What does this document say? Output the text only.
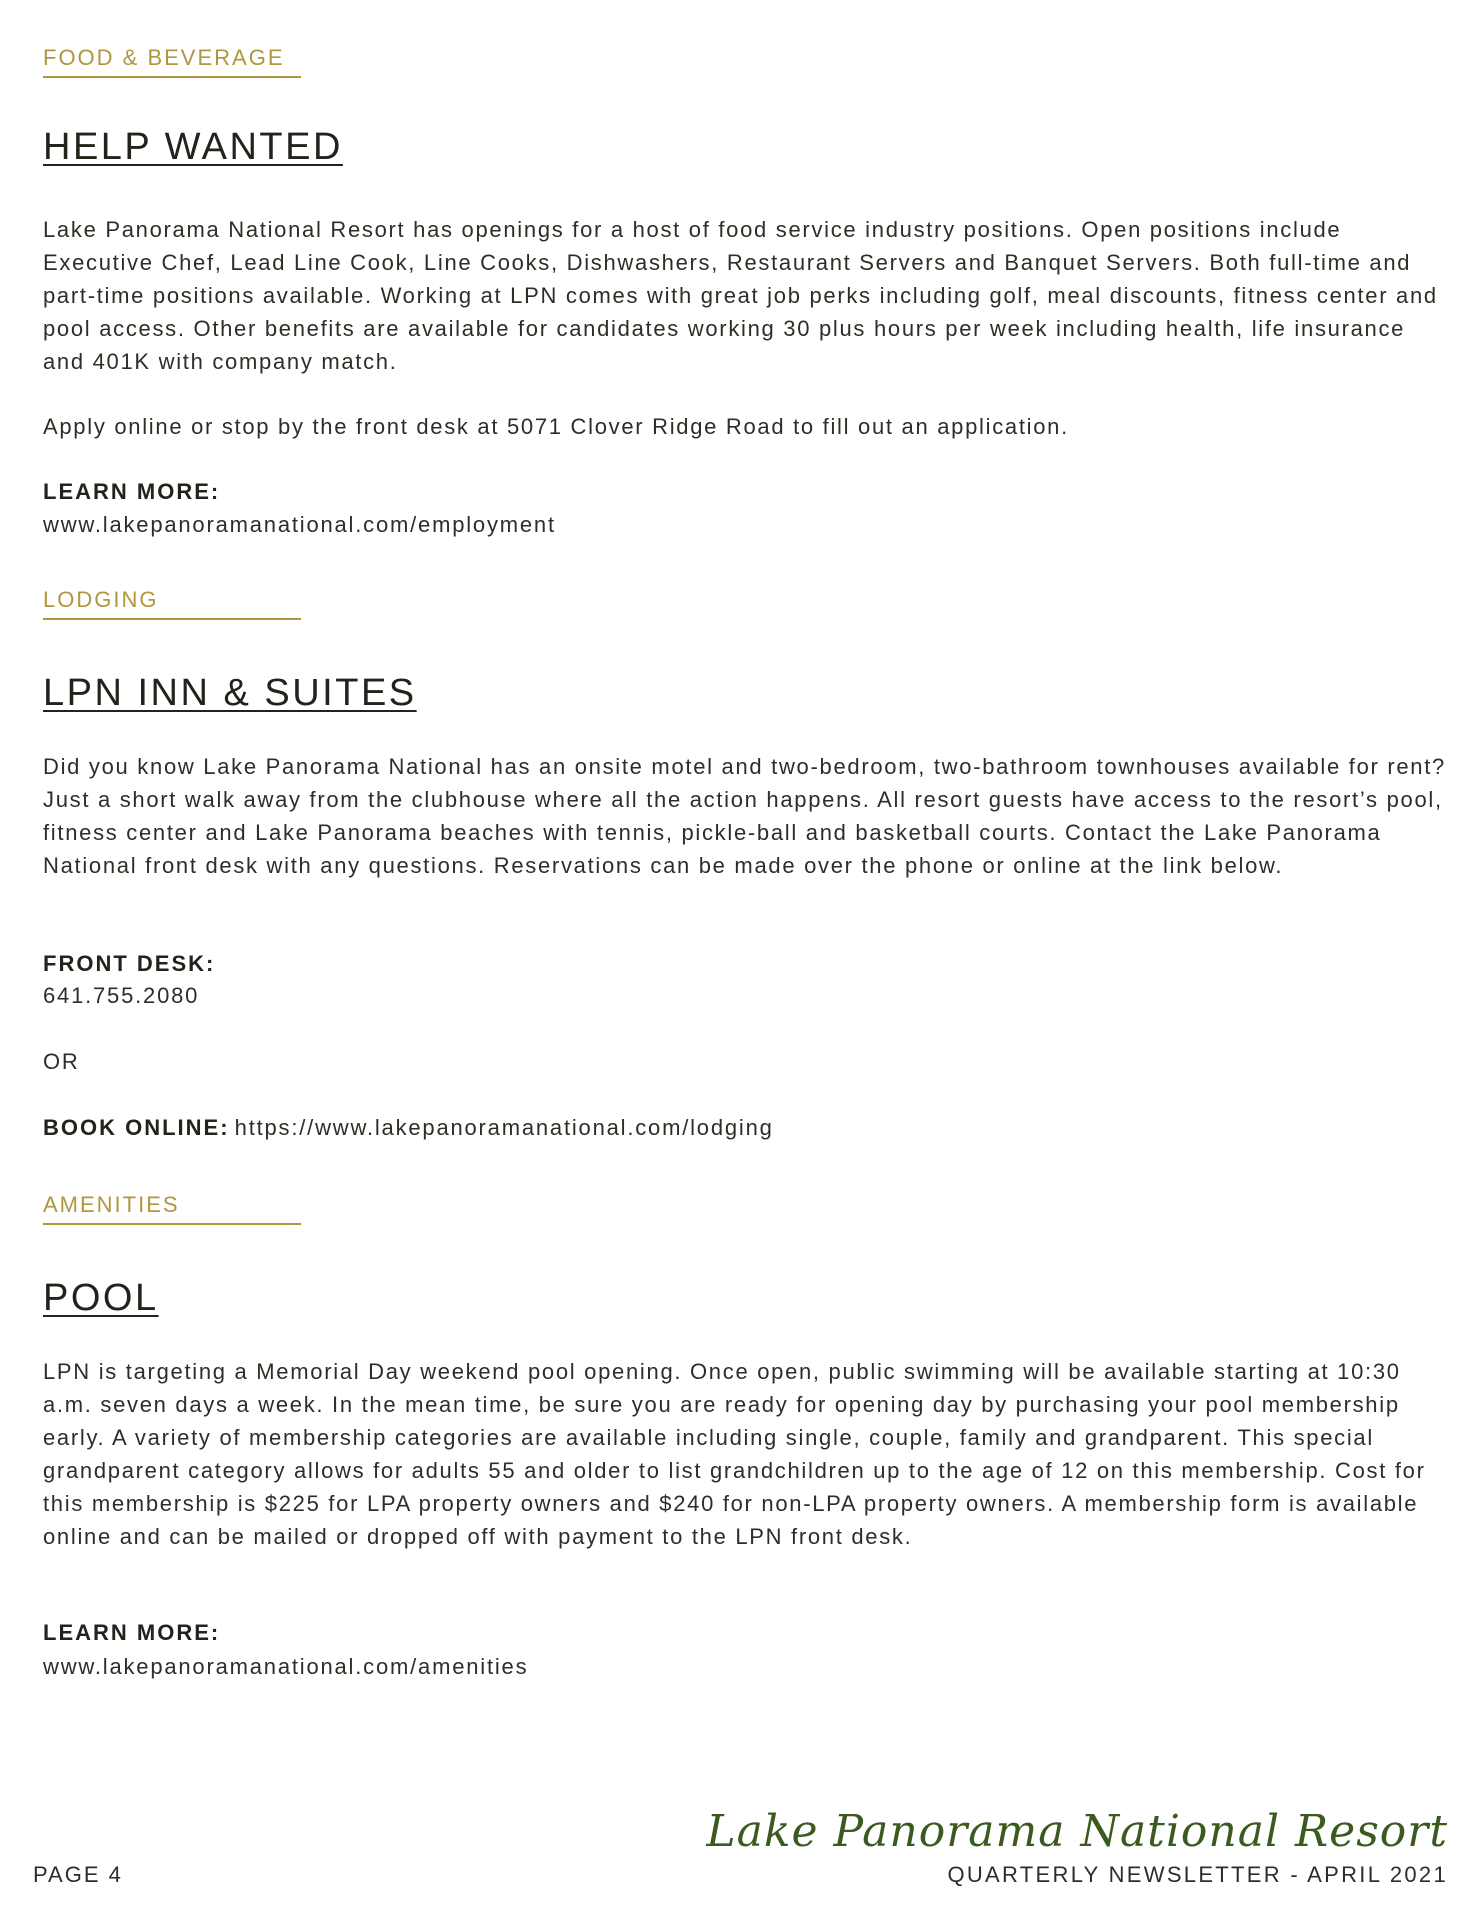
FOOD & BEVERAGE
HELP WANTED

Lake Panorama National Resort has openings for a host of food service industry positions. Open positions include Executive Chef, Lead Line Cook, Line Cooks, Dishwashers, Restaurant Servers and Banquet Servers. Both full-time and part-time positions available. Working at LPN comes with great job perks including golf, meal discounts, fitness center and pool access. Other benefits are available for candidates working 30 plus hours per week including health, life insurance and 401K with company match.

Apply online or stop by the front desk at 5071 Clover Ridge Road to fill out an application.

LEARN MORE:
www.lakepanoramanational.com/employment
LODGING
LPN INN & SUITES

Did you know Lake Panorama National has an onsite motel and two-bedroom, two-bathroom townhouses available for rent? Just a short walk away from the clubhouse where all the action happens. All resort guests have access to the resort’s pool, fitness center and Lake Panorama beaches with tennis, pickle-ball and basketball courts. Contact the Lake Panorama National front desk with any questions. Reservations can be made over the phone or online at the link below.

FRONT DESK:
641.755.2080
OR
BOOK ONLINE: https://www.lakepanoramanational.com/lodging
AMENITIES
POOL

LPN is targeting a Memorial Day weekend pool opening. Once open, public swimming will be available starting at 10:30 a.m. seven days a week. In the mean time, be sure you are ready for opening day by purchasing your pool membership early. A variety of membership categories are available including single, couple, family and grandparent. This special grandparent category allows for adults 55 and older to list grandchildren up to the age of 12 on this membership. Cost for this membership is $225 for LPA property owners and $240 for non-LPA property owners. A membership form is available online and can be mailed or dropped off with payment to the LPN front desk.

LEARN MORE:
www.lakepanoramanational.com/amenities
PAGE 4
Lake Panorama National Resort
QUARTERLY NEWSLETTER - APRIL 2021
